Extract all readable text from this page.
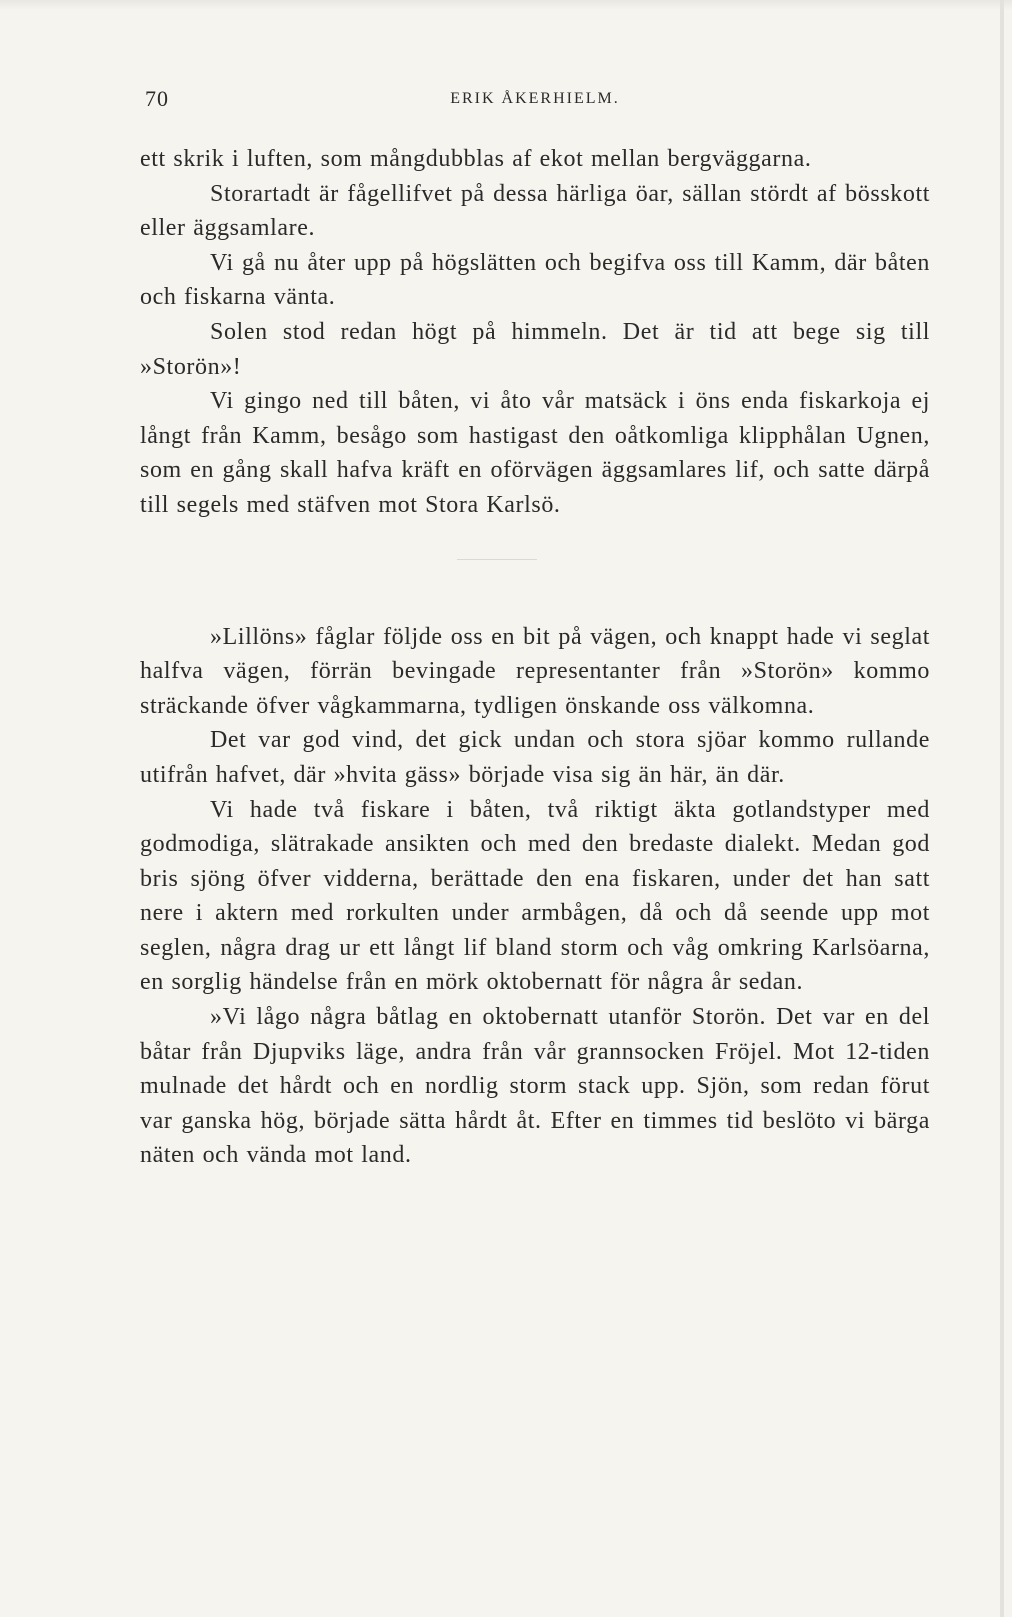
70	ERIK ÅKERHIELM.

ett skrik i luften, som mångdubblas af ekot mellan bergväggarna.

Storartadt är fågellifvet på dessa härliga öar, sällan stördt af bösskott eller äggsamlare.

Vi gå nu åter upp på högslätten och begifva oss till Kamm, där båten och fiskarna vänta.

Solen stod redan högt på himmeln. Det är tid att bege sig till »Storön»!

Vi gingo ned till båten, vi åto vår matsäck i öns enda fiskarkoja ej långt från Kamm, besågo som hastigast den oåtkomliga klipphålan Ugnen, som en gång skall hafva kräft en oförvägen äggsamlares lif, och satte därpå till segels med stäfven mot Stora Karlsö.

»Lillöns» fåglar följde oss en bit på vägen, och knappt hade vi seglat halfva vägen, förrän bevingade representanter från »Storön» kommo sträckande öfver vågkammarna, tydligen önskande oss välkomna.

Det var god vind, det gick undan och stora sjöar kommo rullande utifrån hafvet, där »hvita gäss» började visa sig än här, än där.

Vi hade två fiskare i båten, två riktigt äkta gotlandstyper med godmodiga, slätrakade ansikten och med den bredaste dialekt. Medan god bris sjöng öfver vidderna, berättade den ena fiskaren, under det han satt nere i aktern med rorkulten under armbågen, då och då seende upp mot seglen, några drag ur ett långt lif bland storm och våg omkring Karlsöarna, en sorglig händelse från en mörk oktobernatt för några år sedan.

»Vi lågo några båtlag en oktobernatt utanför Storön. Det var en del båtar från Djupviks läge, andra från vår grannsocken Fröjel. Mot 12-tiden mulnade det hårdt och en nordlig storm stack upp. Sjön, som redan förut var ganska hög, började sätta hårdt åt. Efter en timmes tid beslöto vi bärga näten och vända mot land.
